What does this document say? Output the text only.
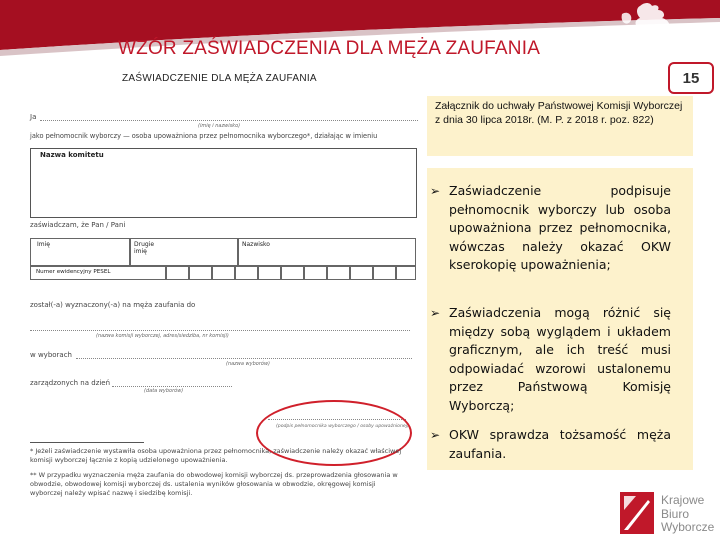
WZÓR ZAŚWIADCZENIA DLA MĘŻA ZAUFANIA
15
ZAŚWIADCZENIE DLA MĘŻA ZAUFANIA
Ja
(imię i nazwisko)
jako pełnomocnik wyborczy — osoba upoważniona przez pełnomocnika wyborczego*, działając w imieniu
Nazwa komitetu
zaświadczam, że Pan / Pani
Imię	Drugie imię
Nazwisko
Numer ewidencyjny PESEL
został(-a) wyznaczony(-a) na męża zaufania do
(nazwa komisji wyborczej, adres/siedziba, nr komisji)
w wyborach
(nazwa wyborów)
zarządzonych na dzień
(data wyborów)
(podpis pełnomocnika wyborczego / osoby upoważnionej)
* Jeżeli zaświadczenie wystawiła osoba upoważniona przez pełnomocnika, zaświadczenie należy okazać właściwej komisji wyborczej łącznie z kopią udzielonego upoważnienia.
** W przypadku wyznaczenia męża zaufania do obwodowej komisji wyborczej ds. przeprowadzenia głosowania w obwodzie, obwodowej komisji wyborczej ds. ustalenia wyników głosowania w obwodzie, okręgowej komisji wyborczej należy wpisać nazwę i siedzibę komisji.
Załącznik do uchwały Państwowej Komisji Wyborczej z dnia 30 lipca 2018r. (M. P. z 2018 r. poz. 822)
➢ Zaświadczenie podpisuje pełnomocnik wyborczy lub osoba upoważniona przez pełnomocnika, wówczas należy okazać OKW kserokopię upoważnienia;
➢ Zaświadczenia mogą różnić się między sobą wyglądem i układem graficznym, ale ich treść musi odpowiadać wzorowi ustalonemu przez Państwową Komisję Wyborczą;
➢ OKW sprawdza tożsamość męża zaufania.
Krajowe
Biuro
Wyborcze
